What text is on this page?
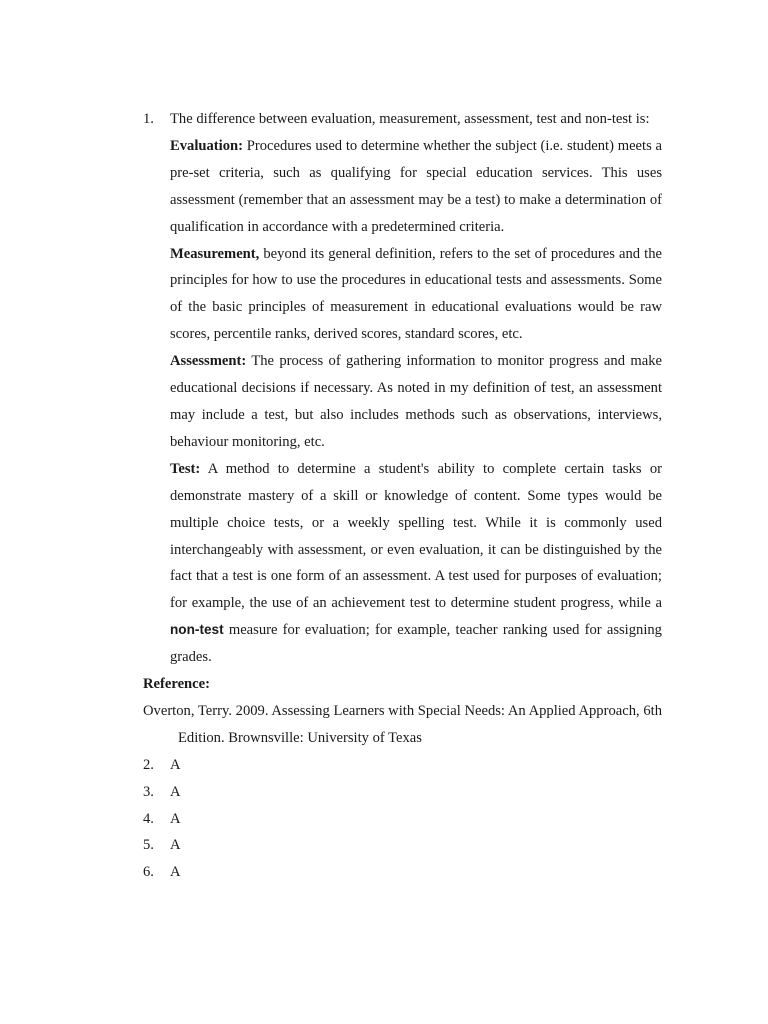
1.	The difference between evaluation, measurement, assessment, test and non-test is:

Evaluation: Procedures used to determine whether the subject (i.e. student) meets a pre-set criteria, such as qualifying for special education services. This uses assessment (remember that an assessment may be a test) to make a determination of qualification in accordance with a predetermined criteria.

Measurement, beyond its general definition, refers to the set of procedures and the principles for how to use the procedures in educational tests and assessments. Some of the basic principles of measurement in educational evaluations would be raw scores, percentile ranks, derived scores, standard scores, etc.

Assessment: The process of gathering information to monitor progress and make educational decisions if necessary. As noted in my definition of test, an assessment may include a test, but also includes methods such as observations, interviews, behaviour monitoring, etc.

Test: A method to determine a student's ability to complete certain tasks or demonstrate mastery of a skill or knowledge of content. Some types would be multiple choice tests, or a weekly spelling test. While it is commonly used interchangeably with assessment, or even evaluation, it can be distinguished by the fact that a test is one form of an assessment. A test used for purposes of evaluation; for example, the use of an achievement test to determine student progress, while a non-test measure for evaluation; for example, teacher ranking used for assigning grades.

Reference:

Overton, Terry. 2009. Assessing Learners with Special Needs: An Applied Approach, 6th Edition. Brownsville: University of Texas

2.	A
3.	A
4.	A
5.	A
6.	A
